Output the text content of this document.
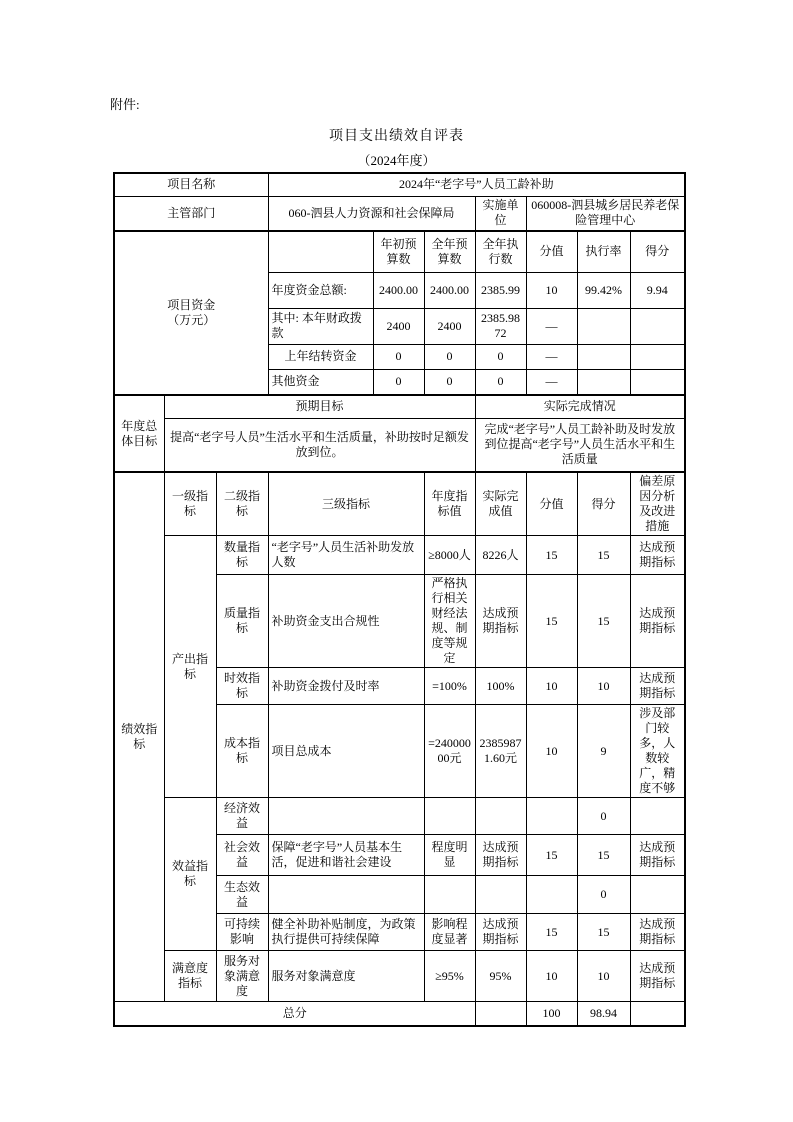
附件:
项目支出绩效自评表
（2024年度）
项目名称			2024年“老字号”人员工龄补助						
主管部门			060-泗县人力资源和社会保障局			实施单位	060008-泗县城乡居民养老保险管理中心		

项目资金
（万元）				年初预算数	全年预算数	全年执行数	分值	执行率	得分
			年度资金总额:	2400.00	2400.00	2385.99	10	99.42%	9.94
			其中: 本年财政拨款	2400	2400	2385.9872	—		
			上年结转资金	0	0	0	—		
			其他资金	0	0	0	—		
年度总体目标	预期目标					实际完成情况			
	提高“老字号人员”生活水平和生活质量，补助按时足额发放到位。					完成“老字号”人员工龄补助及时发放到位提高“老字号”人员生活水平和生活质量			
绩效指标	一级指标	二级指标	三级指标		年度指标值	实际完成值	分值	得分	偏差原因分析及改进措施
	产出指标	数量指标	“老字号”人员生活补助发放人数		≥8000人	8226人	15	15	达成预期指标
		质量指标	补助资金支出合规性		严格执行相关财经法规、制度等规定	达成预期指标	15	15	达成预期指标
		时效指标	补助资金拨付及时率		=100%	100%	10	10	达成预期指标
		成本指标	项目总成本		=24000000元	23859871.60元	10	9	涉及部门较多，人数较广，精度不够
	效益指标	经济效益						0	
		社会效益	保障“老字号”人员基本生活，促进和谐社会建设		程度明显	达成预期指标	15	15	达成预期指标
		生态效益						0	
		可持续影响	健全补助补贴制度，为政策执行提供可持续保障		影响程度显著	达成预期指标	15	15	达成预期指标
	满意度指标	服务对象满意度	服务对象满意度		≥95%	95%	10	10	达成预期指标
总分							100	98.94	
